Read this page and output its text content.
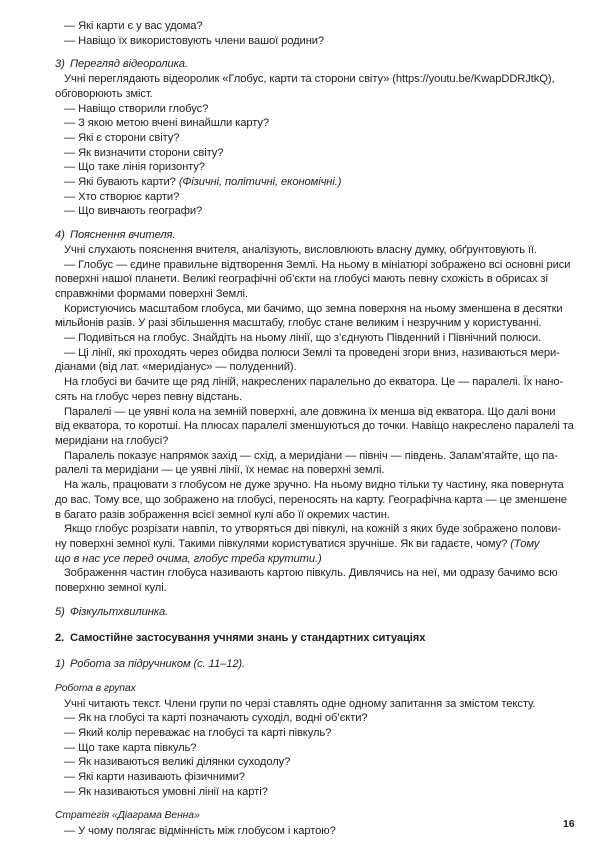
— Які карти є у вас удома?
— Навіщо їх використовують члени вашої родини?
3) Перегляд відеоролика.
Учні переглядають відеоролик «Глобус, карти та сторони світу» (https://youtu.be/KwapDDRJtkQ),
обговорюють зміст.
— Навіщо створили глобус?
— З якою метою вчені винайшли карту?
— Які є сторони світу?
— Як визначити сторони світу?
— Що таке лінія горизонту?
— Які бувають карти? (Фізичні, політичні, економічні.)
— Хто створює карти?
— Що вивчають географи?
4) Пояснення вчителя.
Учні слухають пояснення вчителя, аналізують, висловлюють власну думку, обґрунтовують її.
— Глобус — єдине правильне відтворення Землі. На ньому в мініатюрі зображено всі основні риси
поверхні нашої планети. Великі географічні об’єкти на глобусі мають певну схожість в обрисах зі
справжніми формами поверхні Землі.
Користуючись масштабом глобуса, ми бачимо, що земна поверхня на ньому зменшена в десятки
мільйонів разів. У разі збільшення масштабу, глобус стане великим і незручним у користуванні.
— Подивіться на глобус. Знайдіть на ньому лінії, що з’єднують Південний і Північний полюси.
— Ці лінії, які проходять через обидва полюси Землі та проведені згори вниз, називаються мери-
діанами (від лат. «меридіанус» — полуденний).
На глобусі ви бачите ще ряд ліній, накреслених паралельно до екватора. Це — паралелі. Їх нано-
сять на глобус через певну відстань.
Паралелі — це уявні кола на земній поверхні, але довжина їх менша від екватора. Що далі вони
від екватора, то коротші. На плюсах паралелі зменшуються до точки. Навіщо накреслено паралелі та
меридіани на глобусі?
Паралель показує напрямок захід — схід, а меридіани — північ — південь. Запам’ятайте, що па-
ралелі та меридіани — це уявні лінії, їх немає на поверхні землі.
На жаль, працювати з глобусом не дуже зручно. На ньому видно тільки ту частину, яка повернута
до вас. Тому все, що зображено на глобусі, переносять на карту. Географічна карта — це зменшене
в багато разів зображення всієї земної кулі або її окремих частин.
Якщо глобус розрізати навпіл, то утворяться дві півкулі, на кожній з яких буде зображено полови-
ну поверхні земної кулі. Такими півкулями користуватися зручніше. Як ви гадаєте, чому? (Тому
що в нас усе перед очима, глобус треба крутити.)
Зображення частин глобуса називають картою півкуль. Дивлячись на неї, ми одразу бачимо всю
поверхню земної кулі.
5) Фізкультхвилинка.
2. Самостійне застосування учнями знань у стандартних ситуаціях
1) Робота за підручником (с. 11–12).
Робота в групах
Учні читають текст. Члени групи по черзі ставлять одне одному запитання за змістом тексту.
— Як на глобусі та карті позначають суходіл, водні об’єкти?
— Який колір переважає на глобусі та карті півкуль?
— Що таке карта півкуль?
— Як називаються великі ділянки суходолу?
— Які карти називають фізичними?
— Як називаються умовні лінії на карті?
Стратегія «Діаграма Венна»
— У чому полягає відмінність між глобусом і картою?
16
